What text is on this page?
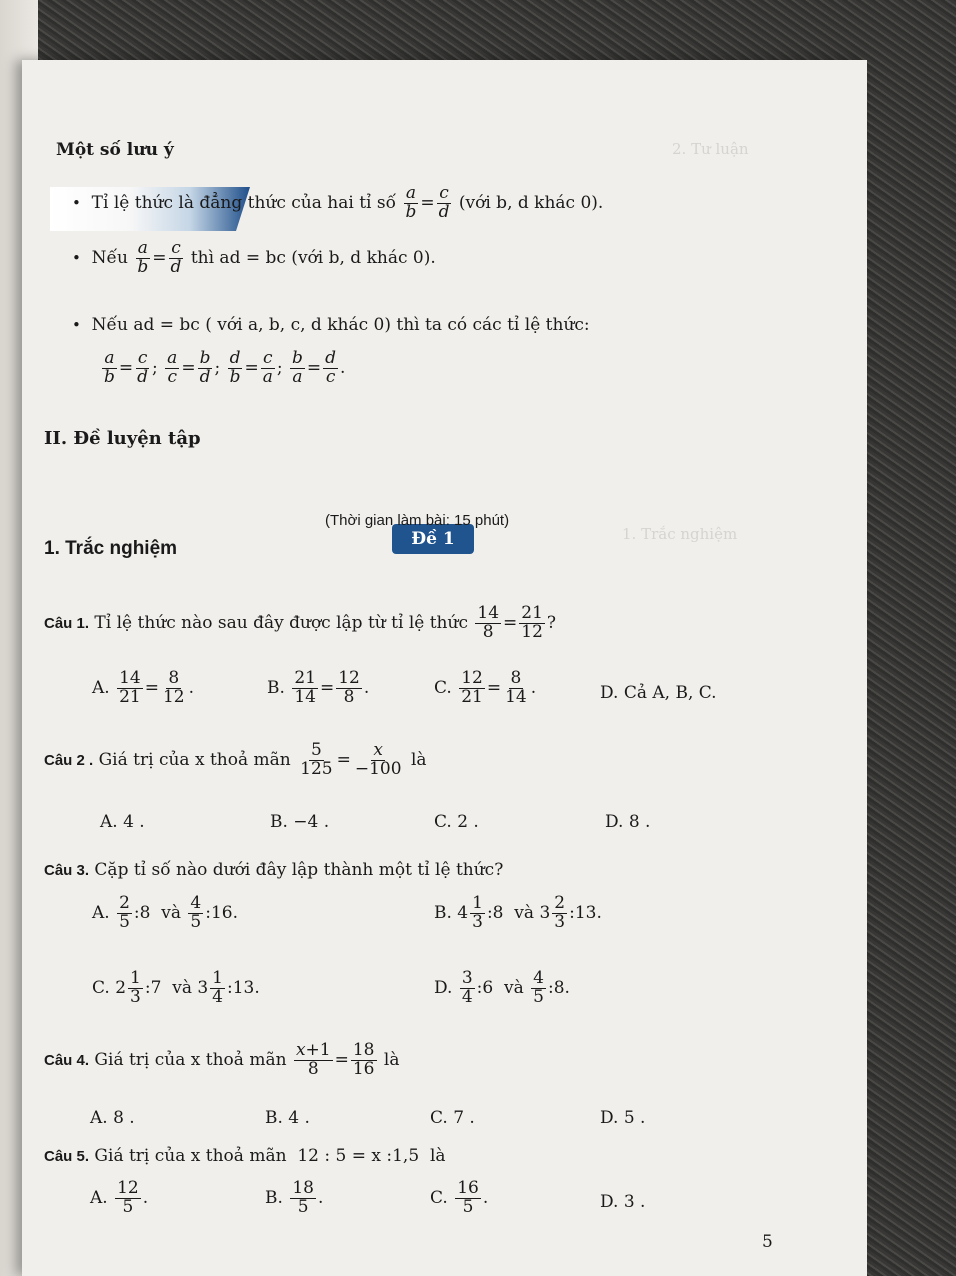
2. Tư luận
1. Trắc nghiệm
Một số lưu ý
•
Tỉ lệ thức là đẳng thức của hai tỉ số
$\frac{a}{b} = \frac{c}{d}$
(với b, d khác 0).
•
Nếu
$\frac{a}{b} = \frac{c}{d}$
thì ad = bc (với b, d khác 0).
• Nếu ad = bc ( với a, b, c, d khác 0) thì ta có các tỉ lệ thức:
$\frac{a}{b} = \frac{c}{d}$ ; $\frac{a}{c} = \frac{b}{d}$ ; $\frac{d}{b} = \frac{c}{a}$ ; $\frac{b}{a} = \frac{d}{c}$ .
II. Đề luyện tập
Đề 1
(Thời gian làm bài: 15 phút)
1. Trắc nghiệm
Câu 1.
Tỉ lệ thức nào sau đây được lập từ tỉ lệ thức
$\frac{14}{8} = \frac{21}{12}$ ?
A. $\frac{14}{21} = \frac{8}{12}$ .	B. $\frac{21}{14} = \frac{12}{8}$ .	C. $\frac{12}{21} = \frac{8}{14}$ .	D. Cả A, B, C.
Câu 2 .
Giá trị của x thoả mãn
$\frac{5}{125} = \frac{x}{-100}$
là
A. 4 .	B. −4 .	C. 2 .	D. 8 .
Câu 3. Cặp tỉ số nào dưới đây lập thành một tỉ lệ thức?
A. $\frac{2}{5}$ :8  và $\frac{4}{5}$ :16.	B. $4 \frac{1}{3}$ :8  và $3 \frac{2}{3}$ :13.
C. $2 \frac{1}{3}$ :7  và $3 \frac{1}{4}$ :13.	D. $\frac{3}{4}$ :6  và $\frac{4}{5}$ :8.
Câu 4.
Giá trị của x thoả mãn
$\frac{x+1}{8} = \frac{18}{16}$
là
A. 8 .	B. 4 .	C. 7 .	D. 5 .
Câu 5. Giá trị của x thoả mãn 12 : 5 = x :1,5 là
A. $\frac{12}{5}$ .	B. $\frac{18}{5}$ .	C. $\frac{16}{5}$ .	D. 3 .
5
